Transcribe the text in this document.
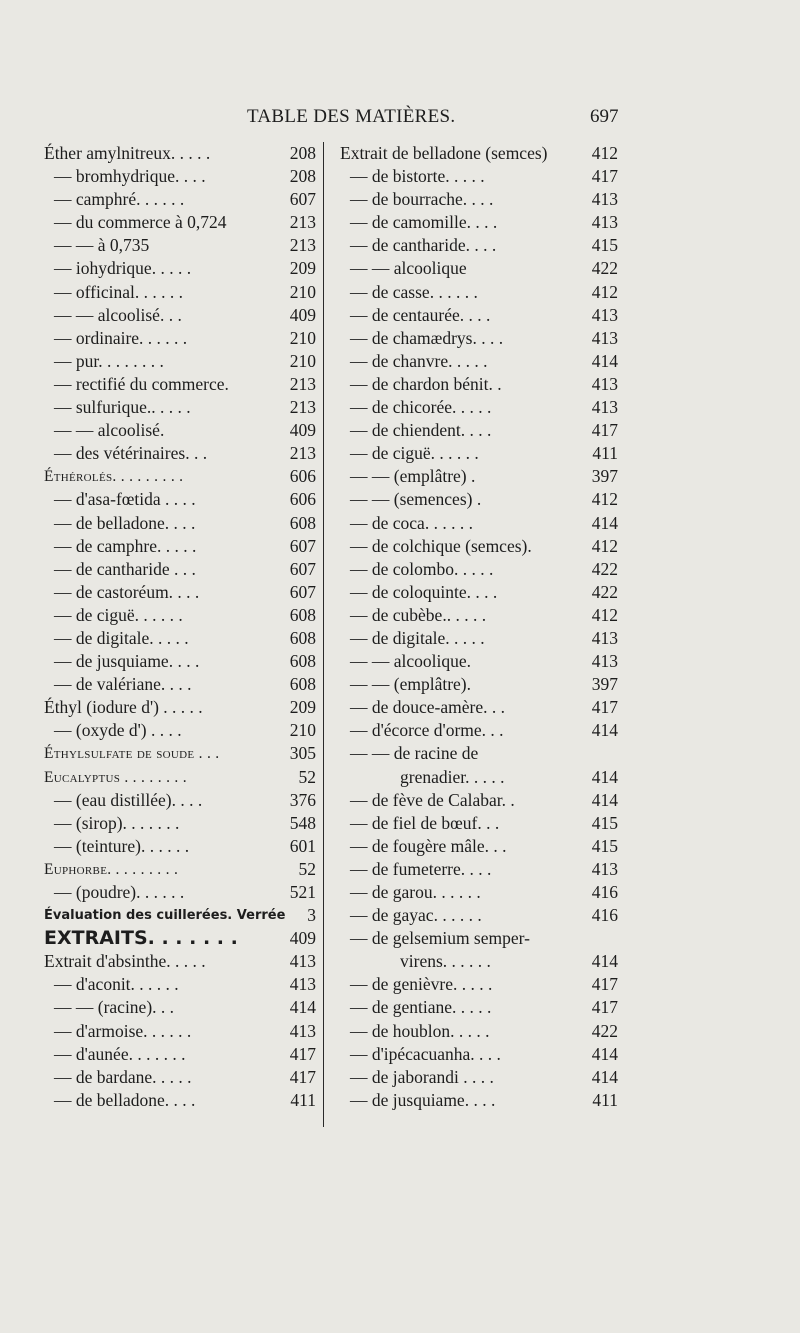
TABLE DES MATIÈRES.	697
Éther amylnitreux. . . . .	208
— bromhydrique. . . .	208
— camphré. . . . . .	607
— du commerce à 0,724	213
— — à 0,735	213
— iohydrique. . . . .	209
— officinal. . . . . .	210
— — alcoolisé. . .	409
— ordinaire. . . . . .	210
— pur. . . . . . . .	210
— rectifié du commerce.	213
— sulfurique.. . . . .	213
— — alcoolisé.	409
— des vétérinaires. . .	213
Éthérolés. . . . . . . . .	606
— d'asa-fœtida . . . .	606
— de belladone. . . .	608
— de camphre. . . . .	607
— de cantharide . . .	607
— de castoréum. . . .	607
— de ciguë. . . . . .	608
— de digitale. . . . .	608
— de jusquiame. . . .	608
— de valériane. . . .	608
Éthyl (iodure d') . . . . .	209
— (oxyde d') . . . .	210
Éthylsulfate de soude . . .	305
Eucalyptus . . . . . . . .	52
— (eau distillée). . . .	376
— (sirop). . . . . . .	548
— (teinture). . . . . .	601
Euphorbe. . . . . . . . .	52
— (poudre). . . . . .	521
Évaluation des cuillerées. Verrée 3
EXTRAITS. . . . . . .	409
Extrait d'absinthe. . . . .	413
— d'aconit. . . . . .	413
— — (racine). . .	414
— d'armoise. . . . . .	413
— d'aunée. . . . . . .	417
— de bardane. . . . .	417
— de belladone. . . .	411
Extrait de belladone (semces)	412
— de bistorte. . . . .	417
— de bourrache. . . .	413
— de camomille. . . .	413
— de cantharide. . . .	415
— — alcoolique	422
— de casse. . . . . .	412
— de centaurée. . . .	413
— de chamædrys. . . .	413
— de chanvre. . . . .	414
— de chardon bénit. .	413
— de chicorée. . . . .	413
— de chiendent. . . .	417
— de ciguë. . . . . .	411
— — (emplâtre) .	397
— — (semences) .	412
— de coca. . . . . .	414
— de colchique (semces).	412
— de colombo. . . . .	422
— de coloquinte. . . .	422
— de cubèbe.. . . . .	412
— de digitale. . . . .	413
— — alcoolique.	413
— — (emplâtre).	397
— de douce-amère. . .	417
— d'écorce d'orme. . .	414
— — de racine de
grenadier. . . . .	414
— de fève de Calabar. .	414
— de fiel de bœuf. . .	415
— de fougère mâle. . .	415
— de fumeterre. . . .	413
— de garou. . . . . .	416
— de gayac. . . . . .	416
— de gelsemium semper-
virens. . . . . .	414
— de genièvre. . . . .	417
— de gentiane. . . . .	417
— de houblon. . . . .	422
— d'ipécacuanha. . . .	414
— de jaborandi . . . .	414
— de jusquiame. . . .	411
